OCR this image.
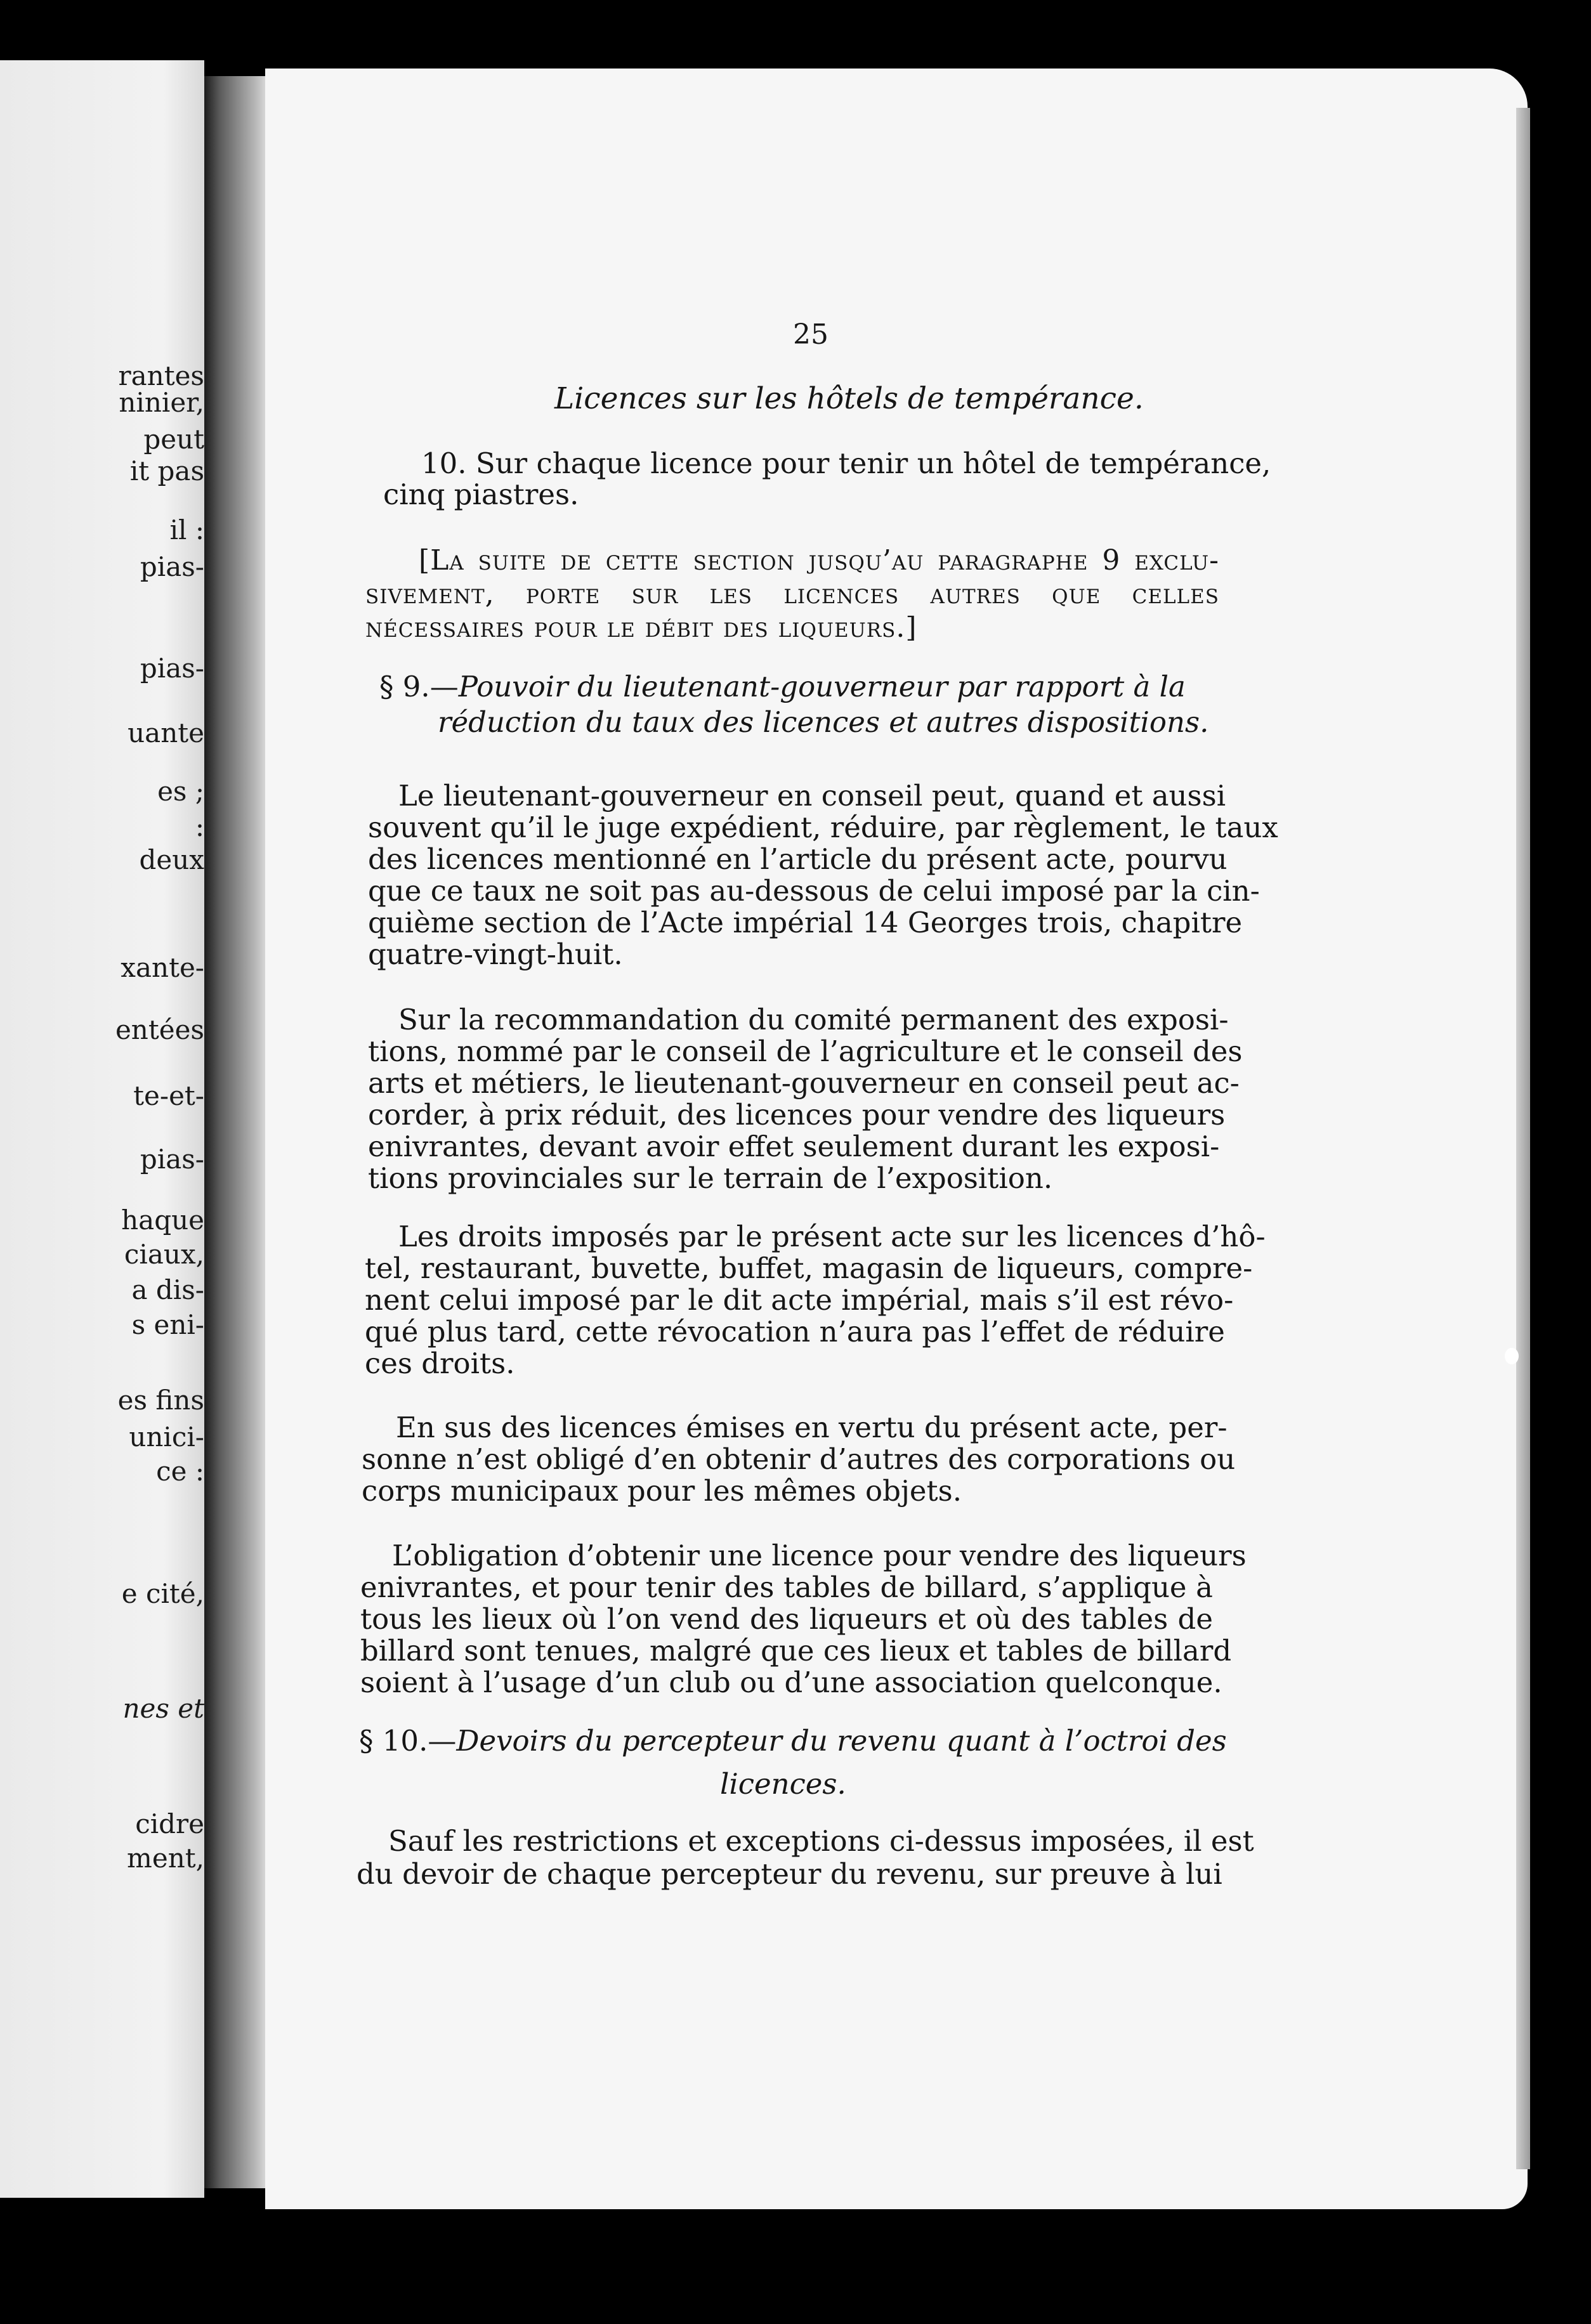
rantes
ninier,
peut
it pas
il :
pias-
pias-
uante
es ;
:
deux
xante-
entées
te-et-
pias-
haque
ciaux,
a dis-
s eni-
es fins
unici-
ce :
e cité,
nes et
cidre
ment,
25
Licences sur les hôtels de tempérance.
10. Sur chaque licence pour tenir un hôtel de tempérance,
cinq piastres.
[La suite de cette section jusqu’au paragraphe 9 exclu-
sivement, porte sur les licences autres que celles
nécessaires pour le débit des liqueurs.]
§ 9.—Pouvoir du lieutenant-gouverneur par rapport à la
réduction du taux des licences et autres dispositions.
Le lieutenant-gouverneur en conseil peut, quand et aussi
souvent qu’il le juge expédient, réduire, par règlement, le taux
des licences mentionné en l’article du présent acte, pourvu
que ce taux ne soit pas au-dessous de celui imposé par la cin-
quième section de l’Acte impérial 14 Georges trois, chapitre
quatre-vingt-huit.
Sur la recommandation du comité permanent des exposi-
tions, nommé par le conseil de l’agriculture et le conseil des
arts et métiers, le lieutenant-gouverneur en conseil peut ac-
corder, à prix réduit, des licences pour vendre des liqueurs
enivrantes, devant avoir effet seulement durant les exposi-
tions provinciales sur le terrain de l’exposition.
Les droits imposés par le présent acte sur les licences d’hô-
tel, restaurant, buvette, buffet, magasin de liqueurs, compre-
nent celui imposé par le dit acte impérial, mais s’il est révo-
qué plus tard, cette révocation n’aura pas l’effet de réduire
ces droits.
En sus des licences émises en vertu du présent acte, per-
sonne n’est obligé d’en obtenir d’autres des corporations ou
corps municipaux pour les mêmes objets.
L’obligation d’obtenir une licence pour vendre des liqueurs
enivrantes, et pour tenir des tables de billard, s’applique à
tous les lieux où l’on vend des liqueurs et où des tables de
billard sont tenues, malgré que ces lieux et tables de billard
soient à l’usage d’un club ou d’une association quelconque.
§ 10.—Devoirs du percepteur du revenu quant à l’octroi des
licences.
Sauf les restrictions et exceptions ci-dessus imposées, il est
du devoir de chaque percepteur du revenu, sur preuve à lui
